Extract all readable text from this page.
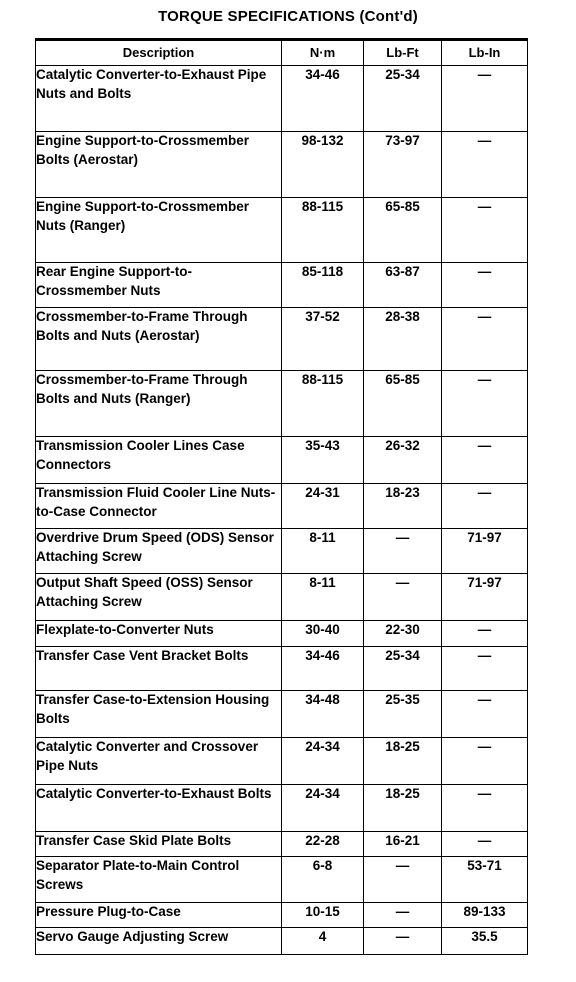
TORQUE SPECIFICATIONS (Cont'd)
Description	N·m	Lb-Ft	Lb-In
Catalytic Converter-to-Exhaust Pipe Nuts and Bolts	34-46	25-34	—
Engine Support-to-Crossmember Bolts (Aerostar)	98-132	73-97	—
Engine Support-to-Crossmember Nuts (Ranger)	88-115	65-85	—
Rear Engine Support-to-Crossmember Nuts	85-118	63-87	—
Crossmember-to-Frame Through Bolts and Nuts (Aerostar)	37-52	28-38	—
Crossmember-to-Frame Through Bolts and Nuts (Ranger)	88-115	65-85	—
Transmission Cooler Lines Case Connectors	35-43	26-32	—
Transmission Fluid Cooler Line Nuts-to-Case Connector	24-31	18-23	—
Overdrive Drum Speed (ODS) Sensor Attaching Screw	8-11	—	71-97
Output Shaft Speed (OSS) Sensor Attaching Screw	8-11	—	71-97
Flexplate-to-Converter Nuts	30-40	22-30	—
Transfer Case Vent Bracket Bolts	34-46	25-34	—
Transfer Case-to-Extension Housing Bolts	34-48	25-35	—
Catalytic Converter and Crossover Pipe Nuts	24-34	18-25	—
Catalytic Converter-to-Exhaust Bolts	24-34	18-25	—
Transfer Case Skid Plate Bolts	22-28	16-21	—
Separator Plate-to-Main Control Screws	6-8	—	53-71
Pressure Plug-to-Case	10-15	—	89-133
Servo Gauge Adjusting Screw	4	—	35.5
